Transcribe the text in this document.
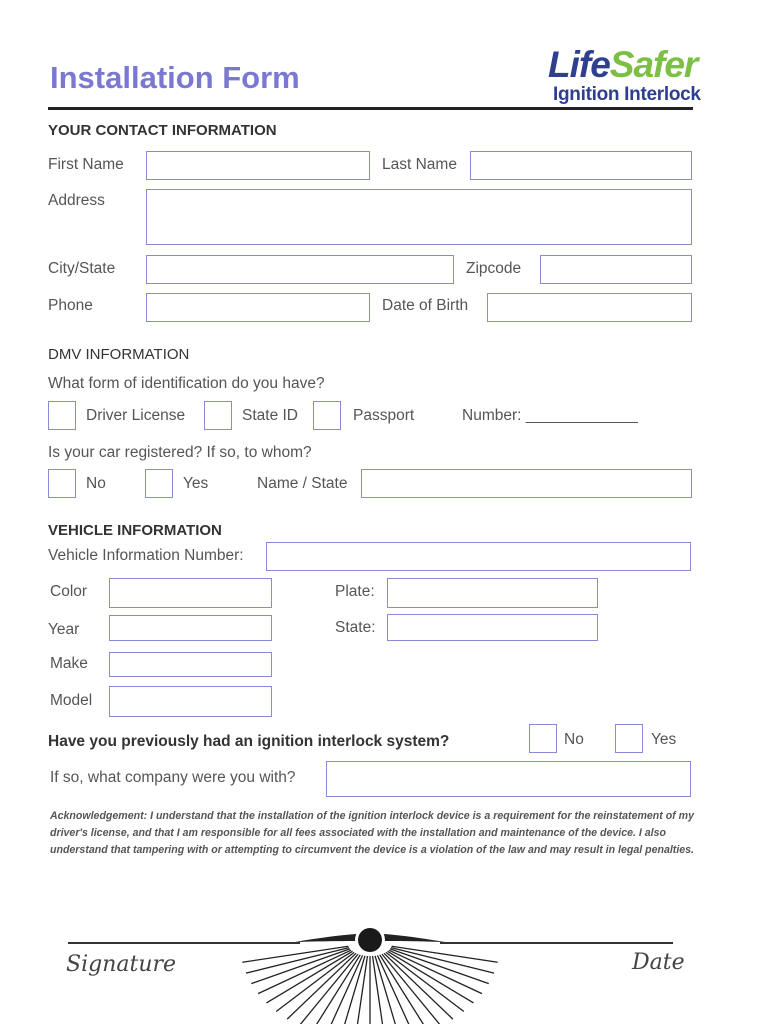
Installation Form	LifeSafer
Ignition Interlock
YOUR CONTACT INFORMATION
First Name	Last Name
Address
City/State	Zipcode
Phone	Date of Birth
DMV INFORMATION
What form of identification do you have?
Driver License	State ID	Passport	Number: _____________
Is your car registered? If so, to whom?
No	Yes	Name / State
VEHICLE INFORMATION
Vehicle Information Number:
Color	Plate:
Year	State:
Make
Model
Have you previously had an ignition interlock system?	No	Yes
If so, what company were you with?
Acknowledgement: I understand that the installation of the ignition interlock device is a requirement for the reinstatement of my driver's license, and that I am responsible for all fees associated with the installation and maintenance of the device. I also understand that tampering with or attempting to circumvent the device is a violation of the law and may result in legal penalties.
Signature	Date
